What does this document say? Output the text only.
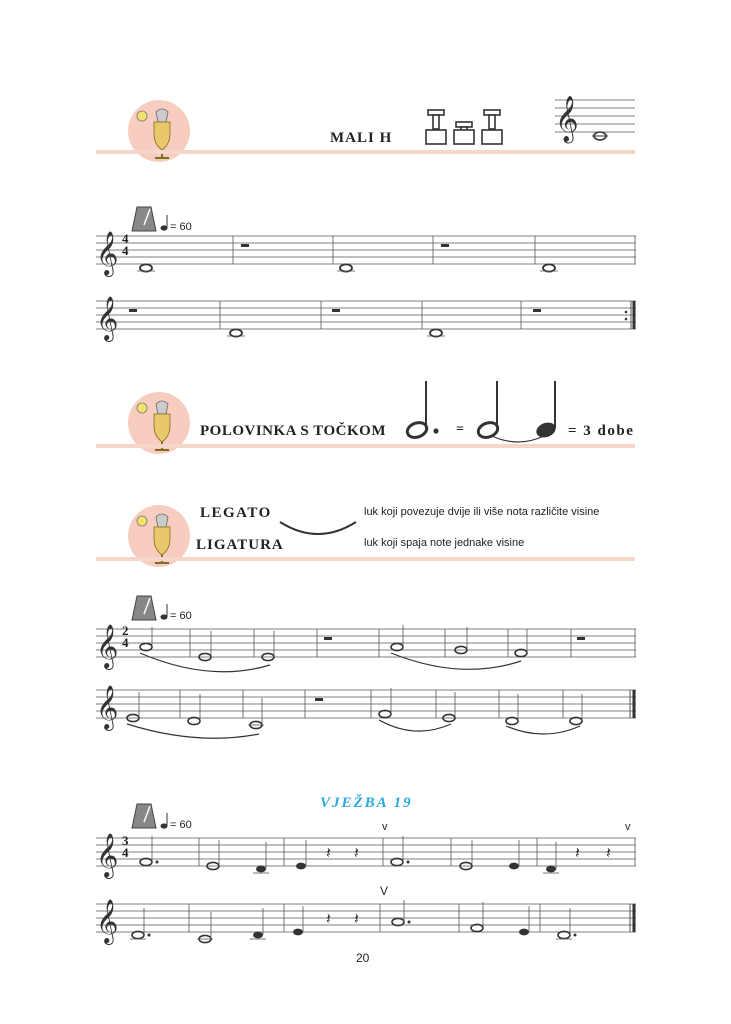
MALI H	𝄞
= 60
𝄞 4
4
𝄞
POLOVINKA S TOČKOM	=	= 3 dobe
LEGATO
LIGATURA
luk koji povezuje dvije ili više nota različite visine
luk koji spaja note jednake visine
= 60
𝄞 2
4
𝄞
VJEŽBA 19
= 60	v	v
𝄞	𝄽 𝄽	𝄽 𝄽
3
4
V
𝄞	𝄽 𝄽
20
